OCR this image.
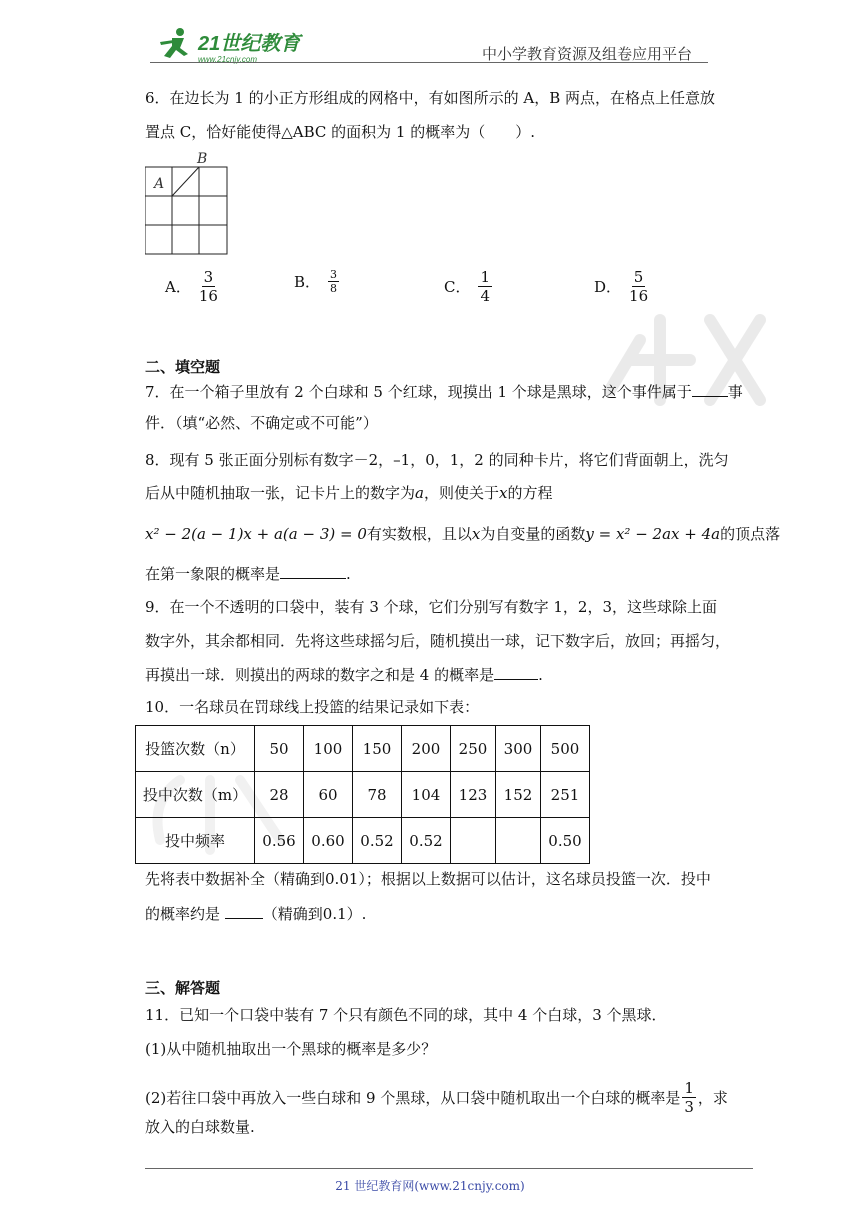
21世纪教育
www.21cnjy.com	中小学教育资源及组卷应用平台
6．在边长为 1 的小正方形组成的网格中，有如图所示的 A，B 两点，在格点上任意放
置点 C，恰好能使得△ABC 的面积为 1 的概率为（　　）.
A
B
A． $\frac{3}{16}$	B． $\frac{3}{8}$	C． $\frac{1}{4}$	D． $\frac{5}{16}$
二、填空题
7．在一个箱子里放有 2 个白球和 5 个红球，现摸出 1 个球是黑球，这个事件属于 事
件．（填“必然、不确定或不可能”）
8．现有 5 张正面分别标有数字－2，–1，0，1，2 的同种卡片，将它们背面朝上，洗匀
后从中随机抽取一张，记卡片上的数字为a，则使关于x的方程
x² − 2(a − 1)x + a(a − 3) = 0有实数根，且以x为自变量的函数y = x² − 2ax + 4a的顶点落
在第一象限的概率是	.
9．在一个不透明的口袋中，装有 3 个球，它们分别写有数字 1，2，3，这些球除上面
数字外，其余都相同．先将这些球摇匀后，随机摸出一球，记下数字后，放回；再摇匀，
再摸出一球．则摸出的两球的数字之和是 4 的概率是	.
10．一名球员在罚球线上投篮的结果记录如下表：
投篮次数（n）	50	100	150	200	250	300	500
投中次数（m）	28	60	78	104	123	152	251
投中频率	0.56	0.60	0.52	0.52			0.50
先将表中数据补全（精确到0.01）；根据以上数据可以估计，这名球员投篮一次．投中
的概率约是	（精确到0.1）.
三、解答题
11．已知一个口袋中装有 7 个只有颜色不同的球，其中 4 个白球，3 个黑球．
(1)从中随机抽取出一个黑球的概率是多少？
(2)若往口袋中再放入一些白球和 9 个黑球，从口袋中随机取出一个白球的概率是 $\frac{1}{3}$ ，求
放入的白球数量.
21 世纪教育网(www.21cnjy.com)
